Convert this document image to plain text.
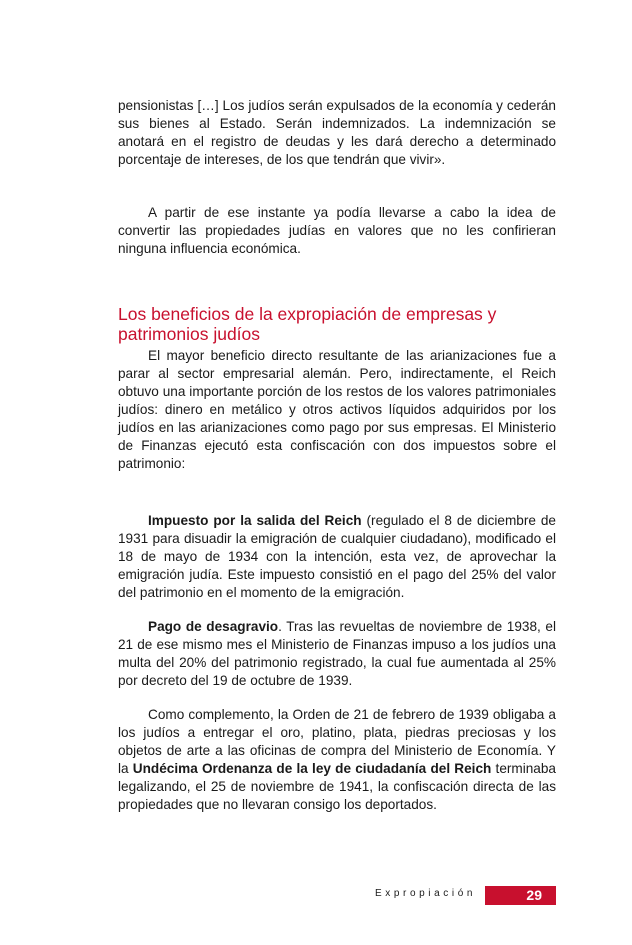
pensionistas […] Los judíos serán expulsados de la economía y cederán sus bienes al Estado. Serán indemnizados. La indemnización se anotará en el registro de deudas y les dará derecho a determinado porcentaje de intereses, de los que tendrán que vivir».

A partir de ese instante ya podía llevarse a cabo la idea de convertir las propiedades judías en valores que no les confirieran ninguna influencia económica.

Los beneficios de la expropiación de empresas y patrimonios judíos

El mayor beneficio directo resultante de las arianizaciones fue a parar al sector empresarial alemán. Pero, indirectamente, el Reich obtuvo una importante porción de los restos de los valores patrimoniales judíos: dinero en metálico y otros activos líquidos adquiridos por los judíos en las arianizaciones como pago por sus empresas. El Ministerio de Finanzas ejecutó esta confiscación con dos impuestos sobre el patrimonio:

Impuesto por la salida del Reich (regulado el 8 de diciembre de 1931 para disuadir la emigración de cualquier ciudadano), modificado el 18 de mayo de 1934 con la intención, esta vez, de aprovechar la emigración judía. Este impuesto consistió en el pago del 25% del valor del patrimonio en el momento de la emigración.

Pago de desagravio. Tras las revueltas de noviembre de 1938, el 21 de ese mismo mes el Ministerio de Finanzas impuso a los judíos una multa del 20% del patrimonio registrado, la cual fue aumentada al 25% por decreto del 19 de octubre de 1939.

Como complemento, la Orden de 21 de febrero de 1939 obligaba a los judíos a entregar el oro, platino, plata, piedras preciosas y los objetos de arte a las oficinas de compra del Ministerio de Economía. Y la Undécima Ordenanza de la ley de ciudadanía del Reich terminaba legalizando, el 25 de noviembre de 1941, la confiscación directa de las propiedades que no llevaran consigo los deportados.

Expropiación	29
